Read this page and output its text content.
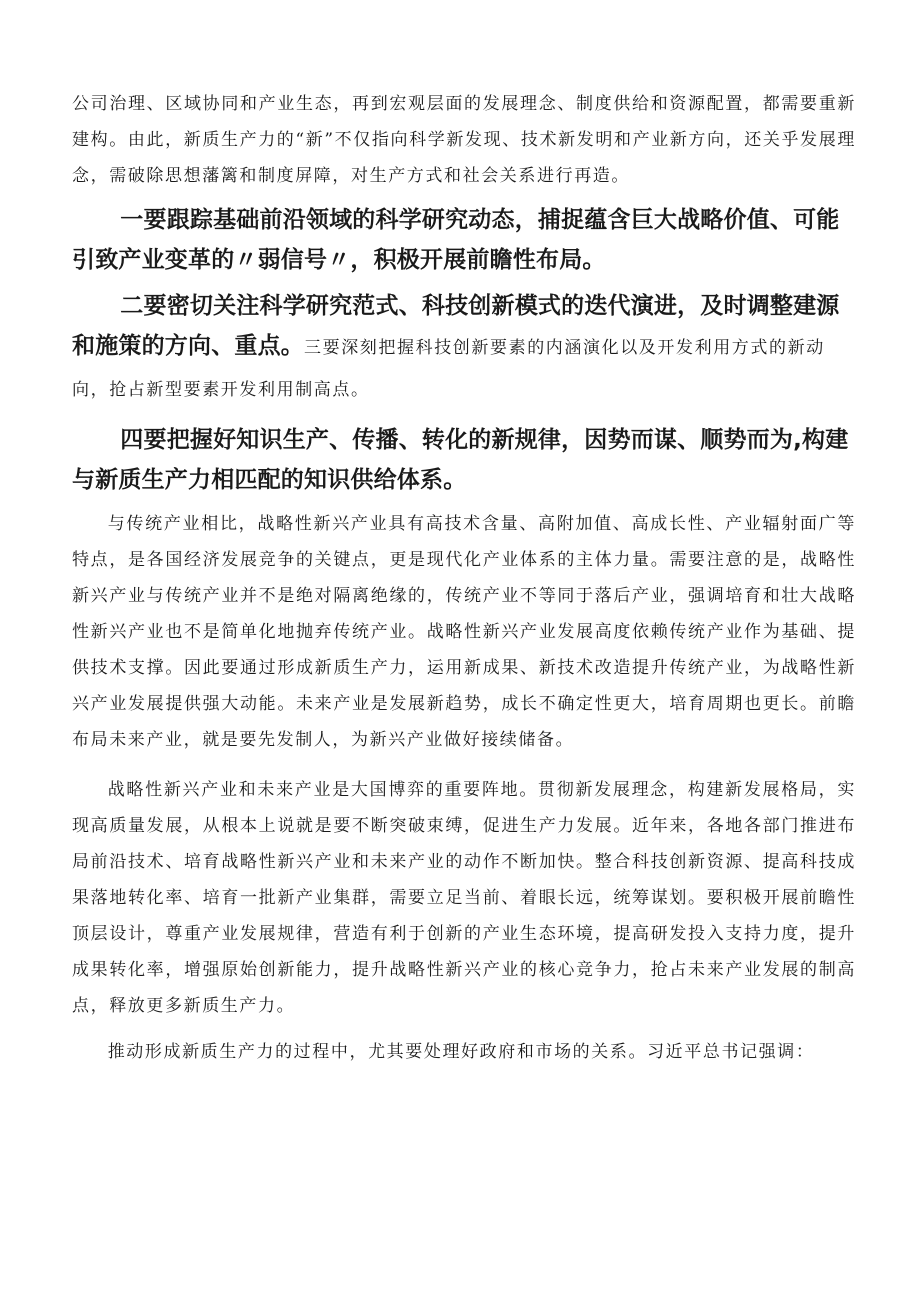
公司治理、区域协同和产业生态，再到宏观层面的发展理念、制度供给和资源配置，都需要重新建构。由此，新质生产力的“新”不仅指向科学新发现、技术新发明和产业新方向，还关乎发展理念，需破除思想藩篱和制度屏障，对生产方式和社会关系进行再造。

一要跟踪基础前沿领域的科学研究动态，捕捉蕴含巨大战略价值、可能引致产业变革的〃弱信号〃，积极开展前瞻性布局。

二要密切关注科学研究范式、科技创新模式的迭代演进，及时调整建源和施策的方向、重点。三要深刻把握科技创新要素的内涵演化以及开发利用方式的新动向，抢占新型要素开发利用制高点。

四要把握好知识生产、传播、转化的新规律，因势而谋、顺势而为,构建与新质生产力相匹配的知识供给体系。

与传统产业相比，战略性新兴产业具有高技术含量、高附加值、高成长性、产业辐射面广等特点，是各国经济发展竞争的关键点，更是现代化产业体系的主体力量。需要注意的是，战略性新兴产业与传统产业并不是绝对隔离绝缘的，传统产业不等同于落后产业，强调培育和壮大战略性新兴产业也不是简单化地抛弃传统产业。战略性新兴产业发展高度依赖传统产业作为基础、提供技术支撑。因此要通过形成新质生产力，运用新成果、新技术改造提升传统产业，为战略性新兴产业发展提供强大动能。未来产业是发展新趋势，成长不确定性更大，培育周期也更长。前瞻布局未来产业，就是要先发制人，为新兴产业做好接续储备。

战略性新兴产业和未来产业是大国博弈的重要阵地。贯彻新发展理念，构建新发展格局，实现高质量发展，从根本上说就是要不断突破束缚，促进生产力发展。近年来，各地各部门推进布局前沿技术、培育战略性新兴产业和未来产业的动作不断加快。整合科技创新资源、提高科技成果落地转化率、培育一批新产业集群，需要立足当前、着眼长远，统筹谋划。要积极开展前瞻性顶层设计，尊重产业发展规律，营造有利于创新的产业生态环境，提高研发投入支持力度，提升成果转化率，增强原始创新能力，提升战略性新兴产业的核心竞争力，抢占未来产业发展的制高点，释放更多新质生产力。

推动形成新质生产力的过程中，尤其要处理好政府和市场的关系。习近平总书记强调：
